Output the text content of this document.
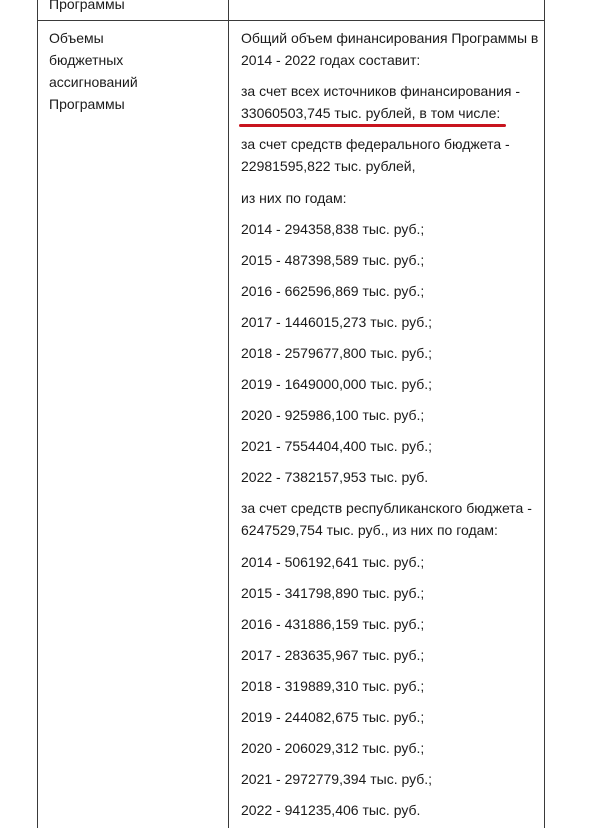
Программы
Объемы
бюджетных
ассигнований
Программы
Общий объем финансирования Программы в
2014 - 2022 годах составит:
за счет всех источников финансирования -
33060503,745 тыс. рублей, в том числе:
за счет средств федерального бюджета -
22981595,822 тыс. рублей,
из них по годам:
2014 - 294358,838 тыс. руб.;
2015 - 487398,589 тыс. руб.;
2016 - 662596,869 тыс. руб.;
2017 - 1446015,273 тыс. руб.;
2018 - 2579677,800 тыс. руб.;
2019 - 1649000,000 тыс. руб.;
2020 - 925986,100 тыс. руб.;
2021 - 7554404,400 тыс. руб.;
2022 - 7382157,953 тыс. руб.
за счет средств республиканского бюджета -
6247529,754 тыс. руб., из них по годам:
2014 - 506192,641 тыс. руб.;
2015 - 341798,890 тыс. руб.;
2016 - 431886,159 тыс. руб.;
2017 - 283635,967 тыс. руб.;
2018 - 319889,310 тыс. руб.;
2019 - 244082,675 тыс. руб.;
2020 - 206029,312 тыс. руб.;
2021 - 2972779,394 тыс. руб.;
2022 - 941235,406 тыс. руб.
